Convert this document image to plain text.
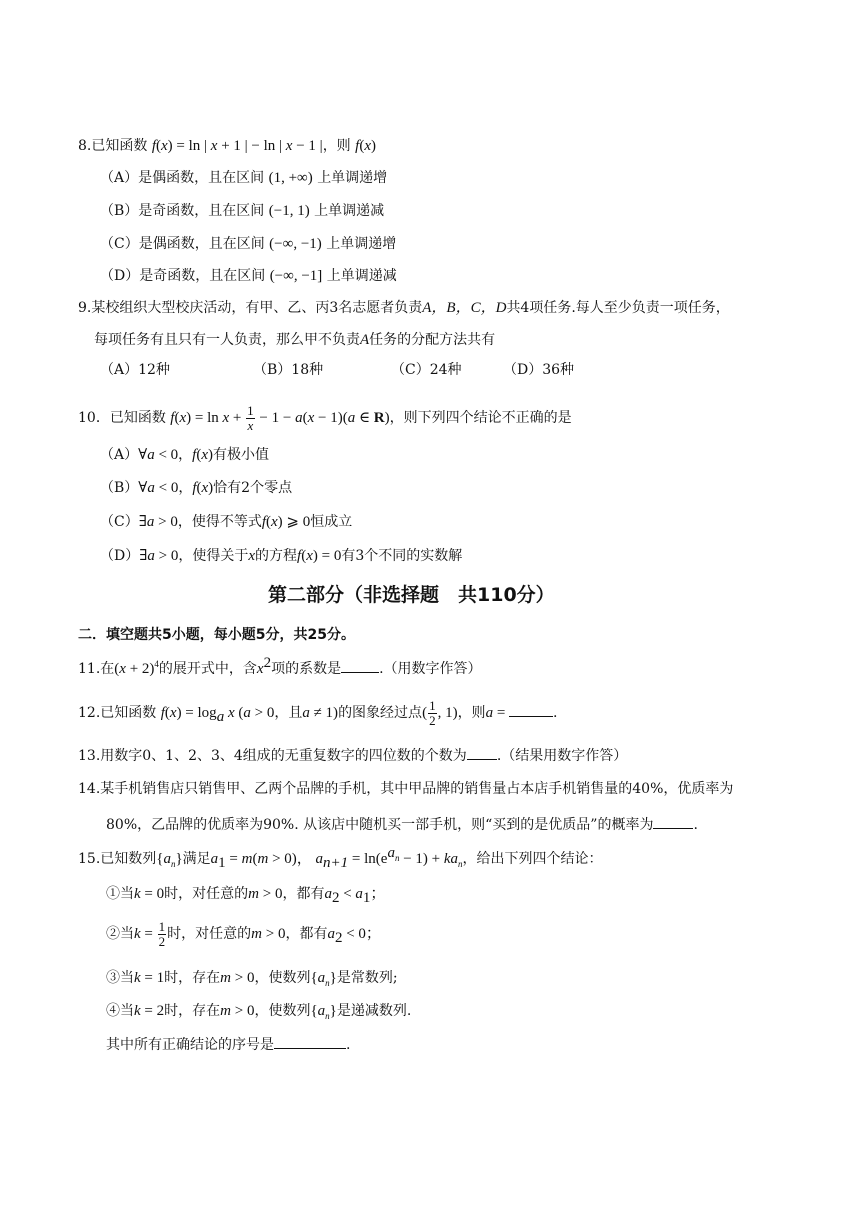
8.已知函数 f(x) = ln | x + 1 | − ln | x − 1 |，则 f(x)
（A）是偶函数，且在区间 (1, +∞) 上单调递增
（B）是奇函数，且在区间 (−1, 1) 上单调递减
（C）是偶函数，且在区间 (−∞, −1) 上单调递增
（D）是奇函数，且在区间 (−∞, −1] 上单调递减
9.某校组织大型校庆活动，有甲、乙、丙3名志愿者负责A，B，C，D共4项任务.每人至少负责一项任务，
每项任务有且只有一人负责，那么甲不负责A任务的分配方法共有
（A）12种	（B）18种	（C）24种	（D）36种
10．已知函数 $f(x) = \ln x + \frac{1}{x} - 1 - a(x - 1)(a$ ∈ R)，则下列四个结论不正确的是
（A）∀a < 0，f(x)有极小值
（B）∀a < 0，f(x)恰有2个零点
（C）∃a > 0，使得不等式f(x) ⩾ 0恒成立
（D）∃a > 0，使得关于x的方程f(x) = 0有3个不同的实数解
第二部分（非选择题　共110分）
二．填空题共5小题，每小题5分，共25分。
11.在$(x + 2)^4$的展开式中，含$x^2$项的系数是	.（用数字作答）
12.已知函数 $f(x) = \log_a x$ (a > 0，且a ≠ 1)的图象经过点( $\frac{1}{2}$ , 1)，则a =	.
13.用数字0、1、2、3、4组成的无重复数字的四位数的个数为 .（结果用数字作答）
14.某手机销售店只销售甲、乙两个品牌的手机，其中甲品牌的销售量占本店手机销售量的40%，优质率为
80%，乙品牌的优质率为90%. 从该店中随机买一部手机，则“买到的是优质品”的概率为	.
15.已知数列$\{a_n\}$满足$a_1 = m(m > 0)$， $a_{n+1} = \ln(e^{a_n} - 1) + ka_n$，给出下列四个结论：
①当k = 0时，对任意的m > 0，都有$a_2 < a_1$；
②当$k = \frac{1}{2}$ 时，对任意的m > 0，都有$a_2 < 0$；
③当k = 1时，存在m > 0，使数列$\{a_n\}$是常数列;
④当k = 2时，存在m > 0，使数列$\{a_n\}$是递减数列.
其中所有正确结论的序号是	.
